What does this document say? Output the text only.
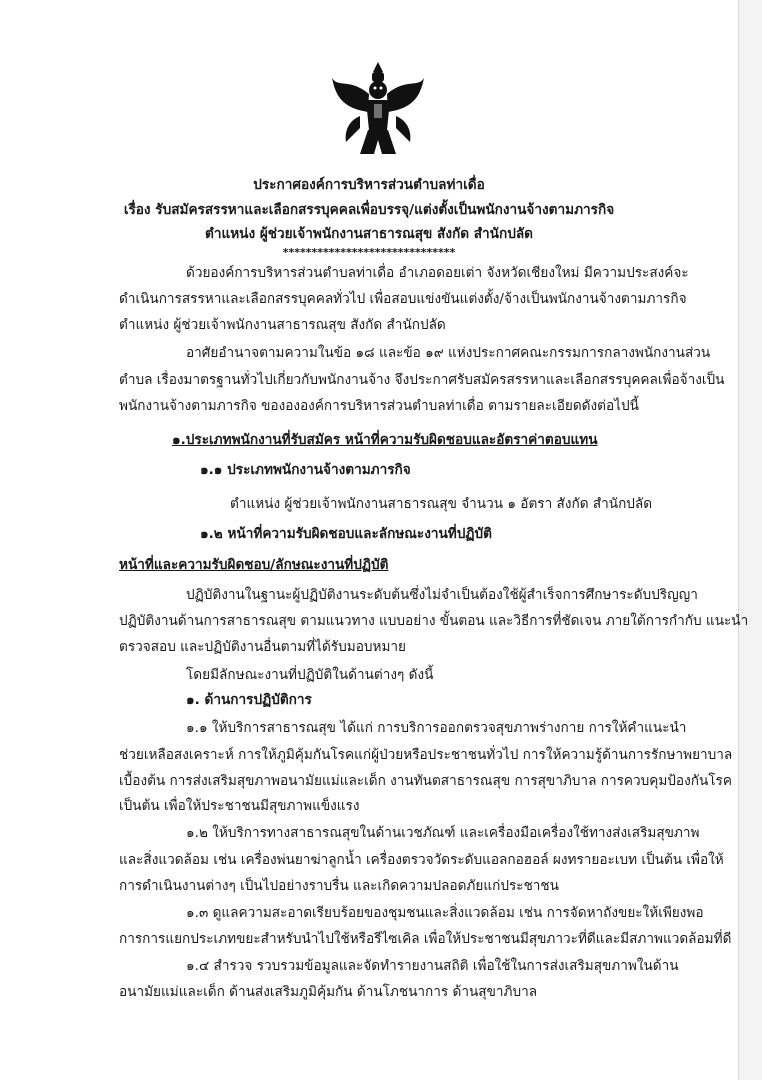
ประกาศองค์การบริหารส่วนตำบลท่าเดื่อ
เรื่อง รับสมัครสรรหาและเลือกสรรบุคคลเพื่อบรรจุ/แต่งตั้งเป็นพนักงานจ้างตามภารกิจ
ตำแหน่ง ผู้ช่วยเจ้าพนักงานสาธารณสุข สังกัด สำนักปลัด
******************************
ด้วยองค์การบริหารส่วนตำบลท่าเดื่อ อำเภอดอยเต่า จังหวัดเชียงใหม่ มีความประสงค์จะ
ดำเนินการสรรหาและเลือกสรรบุคคลทั่วไป เพื่อสอบแข่งขันแต่งตั้ง/จ้างเป็นพนักงานจ้างตามภารกิจ
ตำแหน่ง ผู้ช่วยเจ้าพนักงานสาธารณสุข สังกัด สำนักปลัด
อาศัยอำนาจตามความในข้อ ๑๘ และข้อ ๑๙ แห่งประกาศคณะกรรมการกลางพนักงานส่วน
ตำบล เรื่องมาตรฐานทั่วไปเกี่ยวกับพนักงานจ้าง จึงประกาศรับสมัครสรรหาและเลือกสรรบุคคลเพื่อจ้างเป็น
พนักงานจ้างตามภารกิจ ของององค์การบริหารส่วนตำบลท่าเดื่อ ตามรายละเอียดดังต่อไปนี้
๑.ประเภทพนักงานที่รับสมัคร หน้าที่ความรับผิดชอบและอัตราค่าตอบแทน
๑.๑ ประเภทพนักงานจ้างตามภารกิจ
ตำแหน่ง ผู้ช่วยเจ้าพนักงานสาธารณสุข จำนวน ๑ อัตรา สังกัด สำนักปลัด
๑.๒ หน้าที่ความรับผิดชอบและลักษณะงานที่ปฏิบัติ
หน้าที่และความรับผิดชอบ/ลักษณะงานที่ปฏิบัติ
ปฏิบัติงานในฐานะผู้ปฏิบัติงานระดับต้นซึ่งไม่จำเป็นต้องใช้ผู้สำเร็จการศึกษาระดับปริญญา
ปฏิบัติงานด้านการสาธารณสุข ตามแนวทาง แบบอย่าง ขั้นตอน และวิธีการที่ชัดเจน ภายใต้การกำกับ แนะนำ
ตรวจสอบ และปฏิบัติงานอื่นตามที่ได้รับมอบหมาย
โดยมีลักษณะงานที่ปฏิบัติในด้านต่างๆ ดังนี้
๑. ด้านการปฏิบัติการ
๑.๑ ให้บริการสาธารณสุข ได้แก่ การบริการออกตรวจสุขภาพร่างกาย การให้คำแนะนำ
ช่วยเหลือสงเคราะห์ การให้ภูมิคุ้มกันโรคแก่ผู้ป่วยหรือประชาชนทั่วไป การให้ความรู้ด้านการรักษาพยาบาล
เบื้องต้น การส่งเสริมสุขภาพอนามัยแม่และเด็ก งานทันตสาธารณสุข การสุขาภิบาล การควบคุมป้องกันโรค
เป็นต้น เพื่อให้ประชาชนมีสุขภาพแข็งแรง
๑.๒ ให้บริการทางสาธารณสุขในด้านเวชภัณฑ์ และเครื่องมือเครื่องใช้ทางส่งเสริมสุขภาพ
และสิ่งแวดล้อม เช่น เครื่องพ่นยาฆ่าลูกน้ำ เครื่องตรวจวัดระดับแอลกอฮอล์ ผงทรายอะเบท เป็นต้น เพื่อให้
การดำเนินงานต่างๆ เป็นไปอย่างราบรื่น และเกิดความปลอดภัยแก่ประชาชน
๑.๓ ดูแลความสะอาดเรียบร้อยของชุมชนและสิ่งแวดล้อม เช่น การจัดหาถังขยะให้เพียงพอ
การการแยกประเภทขยะสำหรับนำไปใช้หรือรีไซเคิล เพื่อให้ประชาชนมีสุขภาวะที่ดีและมีสภาพแวดล้อมที่ดี
๑.๔ สำรวจ รวบรวมข้อมูลและจัดทำรายงานสถิติ เพื่อใช้ในการส่งเสริมสุขภาพในด้าน
อนามัยแม่และเด็ก ด้านส่งเสริมภูมิคุ้มกัน ด้านโภชนาการ ด้านสุขาภิบาล
